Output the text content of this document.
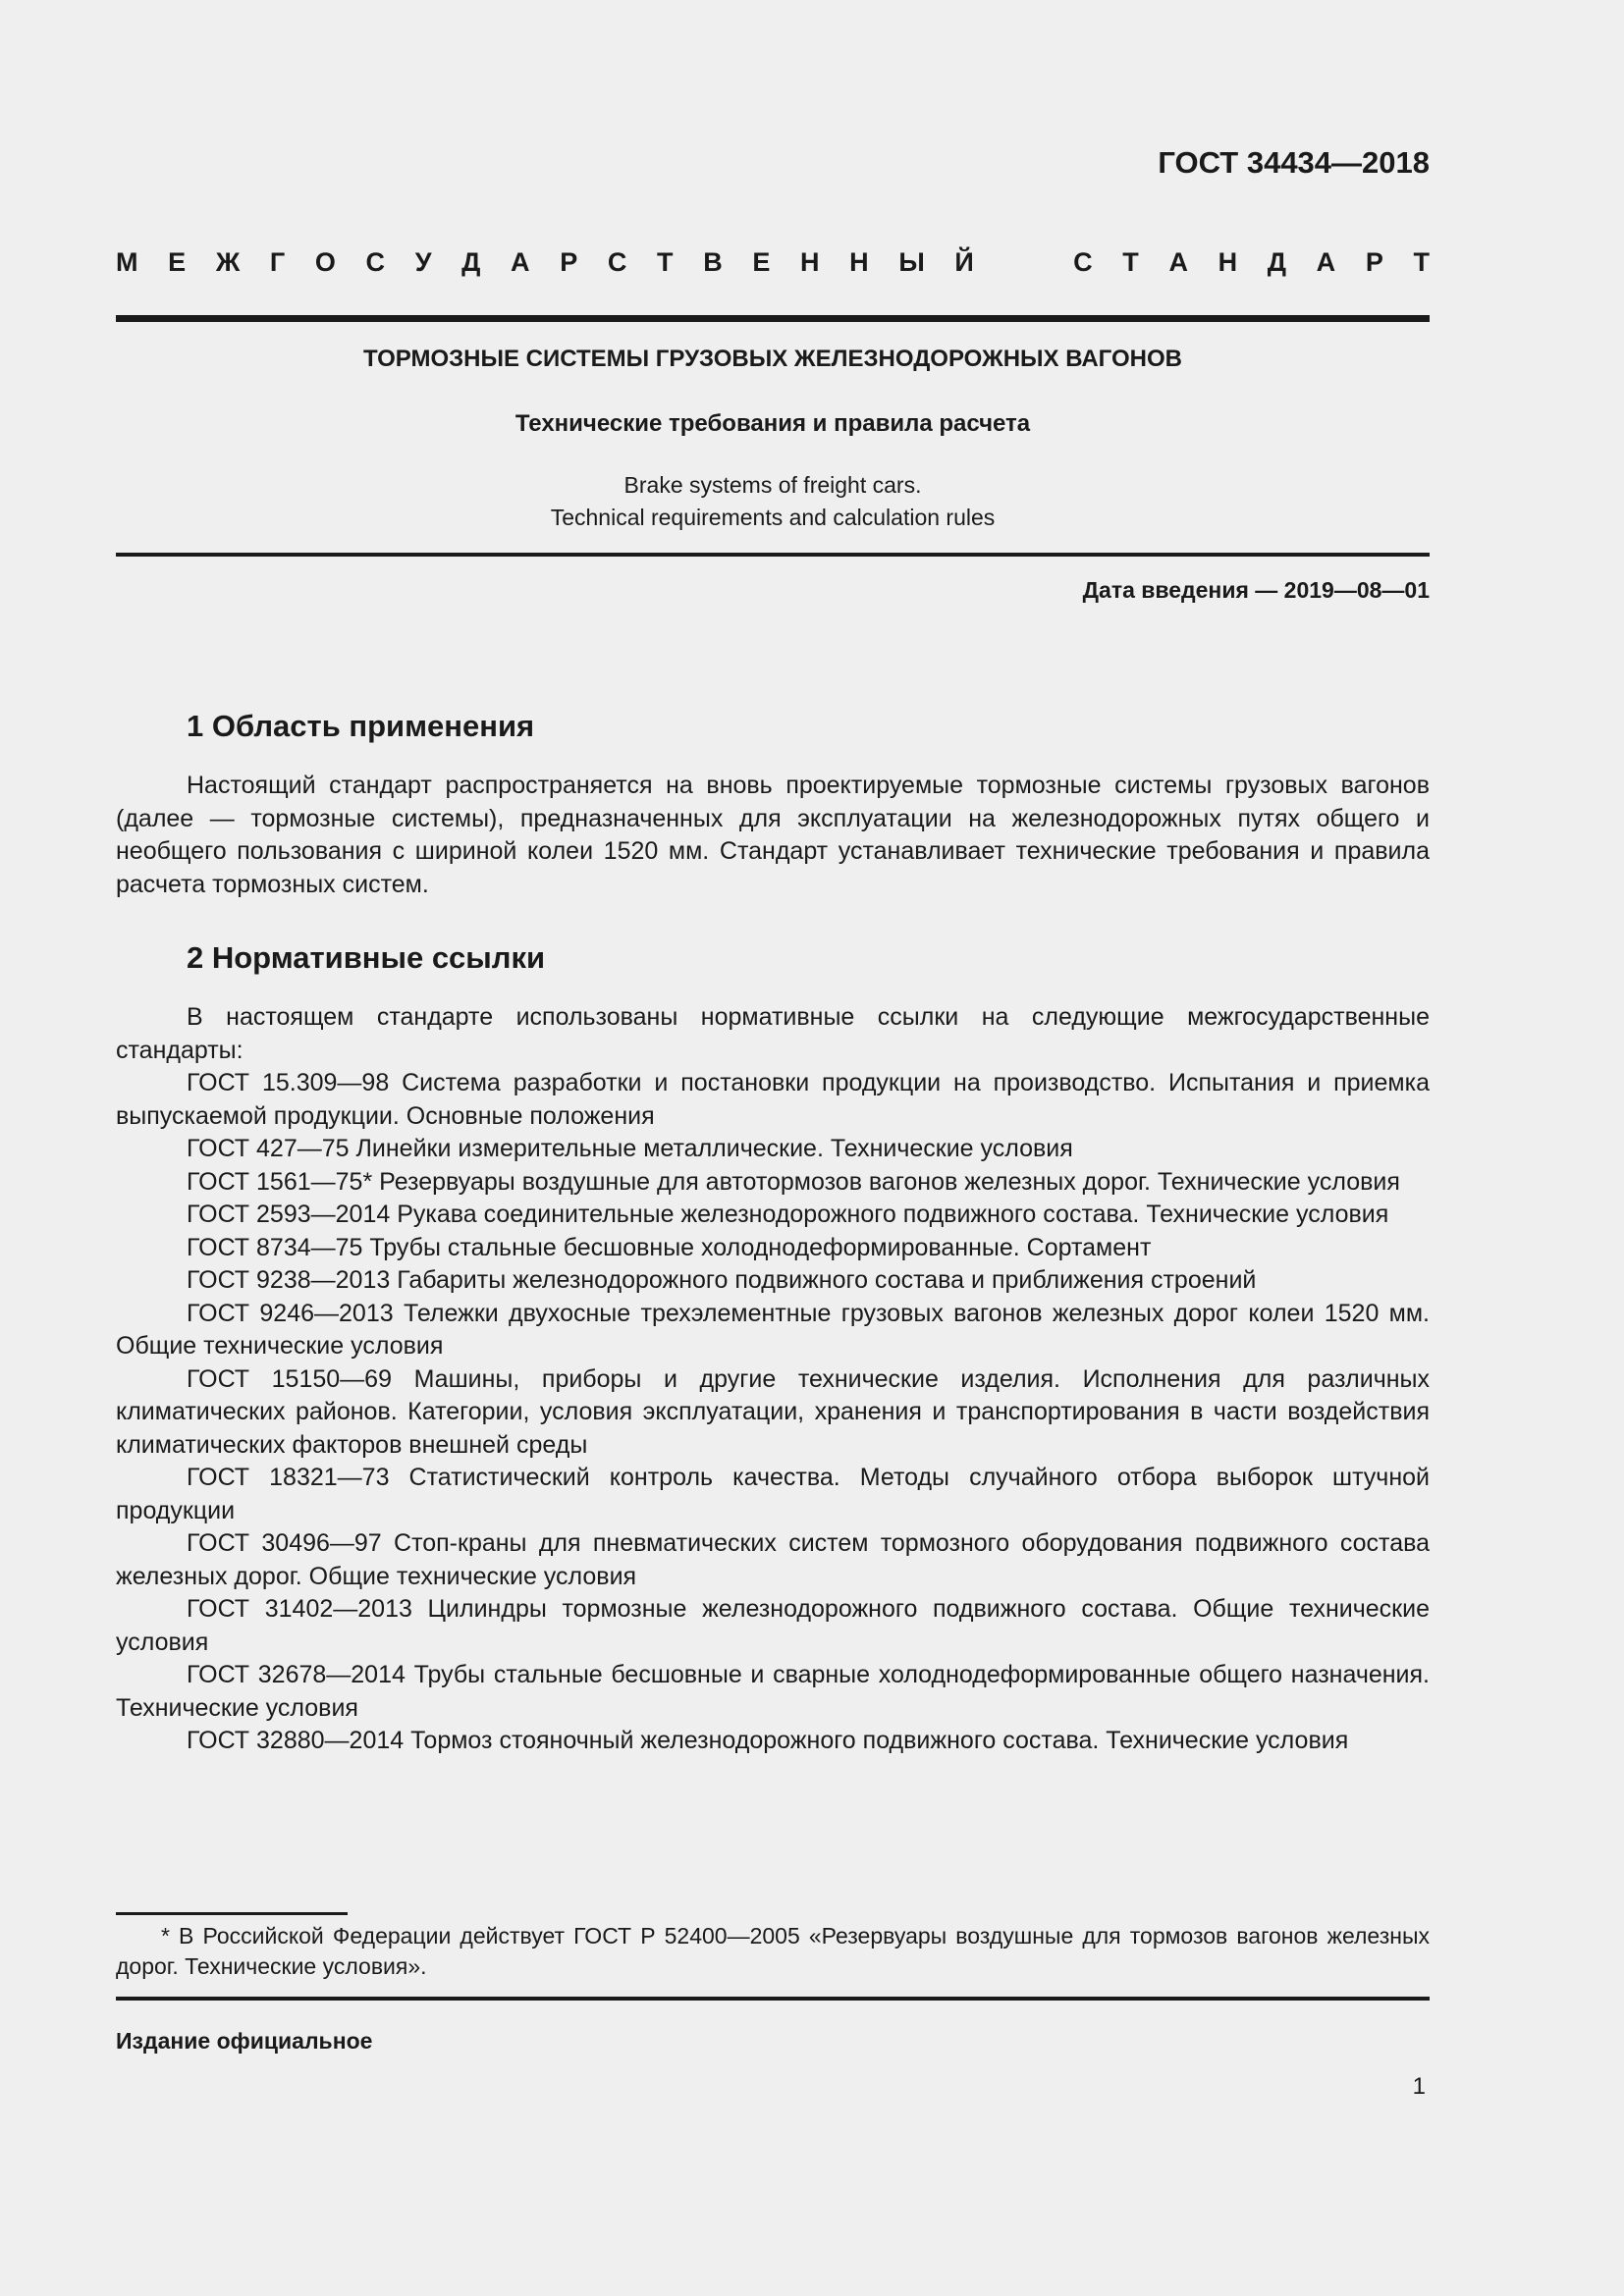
ГОСТ 34434—2018
М Е Ж Г О С У Д А Р С Т В Е Н Н Ы Й	С Т А Н Д А Р Т
ТОРМОЗНЫЕ СИСТЕМЫ ГРУЗОВЫХ ЖЕЛЕЗНОДОРОЖНЫХ ВАГОНОВ
Технические требования и правила расчета
Brake systems of freight cars.
Technical requirements and calculation rules
Дата введения — 2019—08—01
1 Область применения

Настоящий стандарт распространяется на вновь проектируемые тормозные системы грузовых вагонов (далее — тормозные системы), предназначенных для эксплуатации на железнодорожных путях общего и необщего пользования с шириной колеи 1520 мм. Стандарт устанавливает технические требования и правила расчета тормозных систем.

2 Нормативные ссылки

В настоящем стандарте использованы нормативные ссылки на следующие межгосударственные стандарты:

ГОСТ 15.309—98 Система разработки и постановки продукции на производство. Испытания и приемка выпускаемой продукции. Основные положения

ГОСТ 427—75 Линейки измерительные металлические. Технические условия

ГОСТ 1561—75* Резервуары воздушные для автотормозов вагонов железных дорог. Технические условия

ГОСТ 2593—2014 Рукава соединительные железнодорожного подвижного состава. Технические условия

ГОСТ 8734—75 Трубы стальные бесшовные холоднодеформированные. Сортамент

ГОСТ 9238—2013 Габариты железнодорожного подвижного состава и приближения строений

ГОСТ 9246—2013 Тележки двухосные трехэлементные грузовых вагонов железных дорог колеи 1520 мм. Общие технические условия

ГОСТ 15150—69 Машины, приборы и другие технические изделия. Исполнения для различных климатических районов. Категории, условия эксплуатации, хранения и транспортирования в части воздействия климатических факторов внешней среды

ГОСТ 18321—73 Статистический контроль качества. Методы случайного отбора выборок штучной продукции

ГОСТ 30496—97 Стоп-краны для пневматических систем тормозного оборудования подвижного состава железных дорог. Общие технические условия

ГОСТ 31402—2013 Цилиндры тормозные железнодорожного подвижного состава. Общие технические условия

ГОСТ 32678—2014 Трубы стальные бесшовные и сварные холоднодеформированные общего назначения. Технические условия

ГОСТ 32880—2014 Тормоз стояночный железнодорожного подвижного состава. Технические условия

* В Российской Федерации действует ГОСТ Р 52400—2005 «Резервуары воздушные для тормозов вагонов железных дорог. Технические условия».

Издание официальное
1
